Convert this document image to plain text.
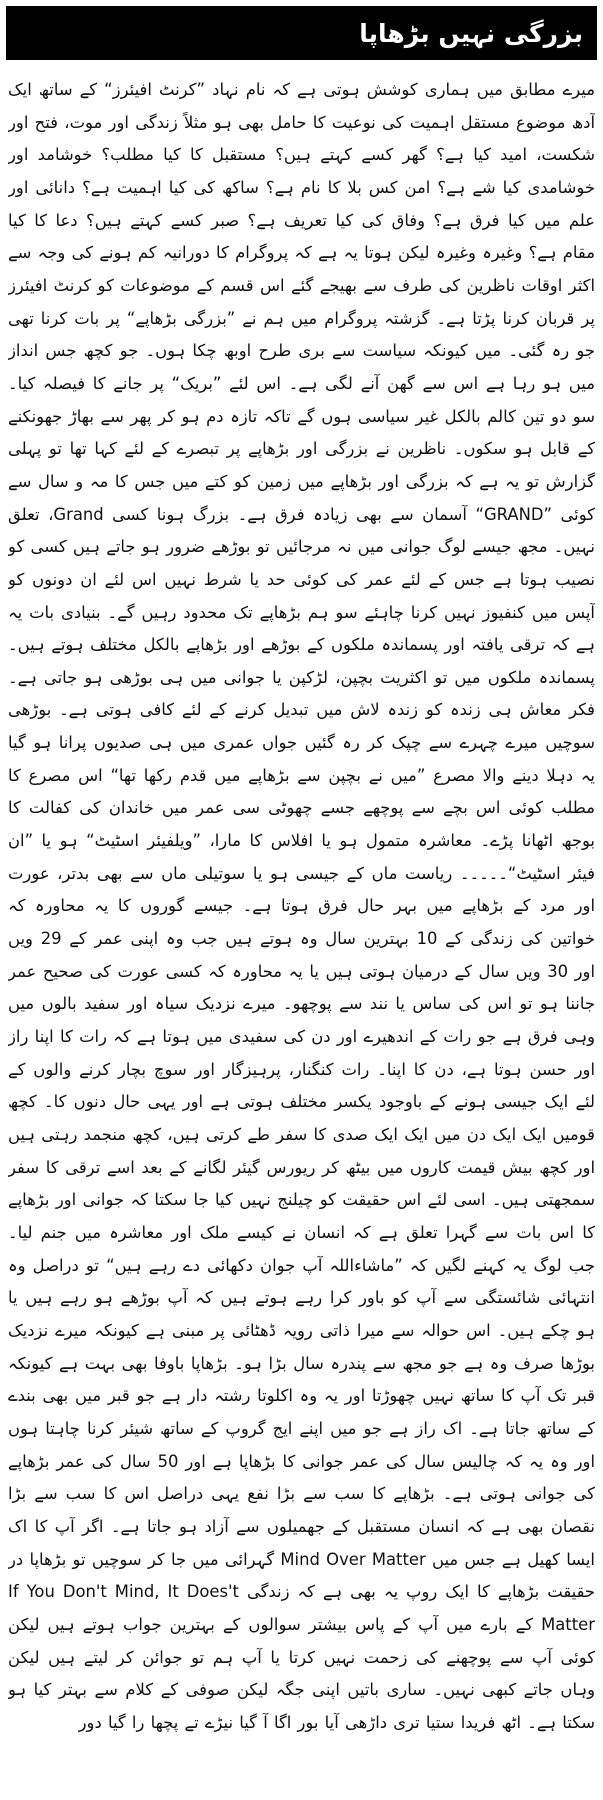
بزرگی نہیں بڑھاپا

میرے مطابق میں ہماری کوشش ہوتی ہے کہ نام نہاد ”کرنٹ افیئرز“ کے ساتھ ایک آدھ موضوع مستقل اہمیت کی نوعیت کا حامل بھی ہو مثلاً زندگی اور موت، فتح اور شکست، امید کیا ہے؟ گھر کسے کہتے ہیں؟ مستقبل کا کیا مطلب؟ خوشامد اور خوشامدی کیا شے ہے؟ امن کس بلا کا نام ہے؟ ساکھ کی کیا اہمیت ہے؟ دانائی اور علم میں کیا فرق ہے؟ وفاق کی کیا تعریف ہے؟ صبر کسے کہتے ہیں؟ دعا کا کیا مقام ہے؟ وغیرہ وغیرہ لیکن ہوتا یہ ہے کہ پروگرام کا دورانیہ کم ہونے کی وجہ سے اکثر اوقات ناظرین کی طرف سے بھیجے گئے اس قسم کے موضوعات کو کرنٹ افیئرز پر قربان کرنا پڑتا ہے۔ گزشتہ پروگرام میں ہم نے ”بزرگی بڑھاپے“ پر بات کرنا تھی جو رہ گئی۔ میں کیونکہ سیاست سے بری طرح اوبھ چکا ہوں۔ جو کچھ جس انداز میں ہو رہا ہے اس سے گھن آنے لگی ہے۔ اس لئے ”بریک“ پر جانے کا فیصلہ کیا۔ سو دو تین کالم بالکل غیر سیاسی ہوں گے تاکہ تازہ دم ہو کر پھر سے بھاڑ جھونکنے کے قابل ہو سکوں۔ ناظرین نے بزرگی اور بڑھاپے پر تبصرے کے لئے کہا تھا تو پہلی گزارش تو یہ ہے کہ بزرگی اور بڑھاپے میں زمین کو کتے میں جس کا مہ و سال سے کوئی ”GRAND“ آسمان سے بھی زیادہ فرق ہے۔ بزرگ ہونا کسی Grand، تعلق نہیں۔ مجھ جیسے لوگ جوانی میں نہ مرجائیں تو بوڑھے ضرور ہو جاتے ہیں کسی کو نصیب ہوتا ہے جس کے لئے عمر کی کوئی حد یا شرط نہیں اس لئے ان دونوں کو آپس میں کنفیوز نہیں کرنا چاہئے سو ہم بڑھاپے تک محدود رہیں گے۔ بنیادی بات یہ ہے کہ ترقی یافتہ اور پسماندہ ملکوں کے بوڑھے اور بڑھاپے بالکل مختلف ہوتے ہیں۔ پسماندہ ملکوں میں تو اکثریت بچپن، لڑکپن یا جوانی میں ہی بوڑھی ہو جاتی ہے۔ فکر معاش ہی زندہ کو زندہ لاش میں تبدیل کرنے کے لئے کافی ہوتی ہے۔ بوڑھی سوچیں میرے چہرے سے چپک کر رہ گئیں جواں عمری میں ہی صدیوں پرانا ہو گیا یہ دہلا دینے والا مصرع ”میں نے بچپن سے بڑھاپے میں قدم رکھا تھا“ اس مصرع کا مطلب کوئی اس بچے سے پوچھے جسے چھوٹی سی عمر میں خاندان کی کفالت کا بوجھ اٹھانا پڑے۔ معاشرہ متمول ہو یا افلاس کا مارا، ”ویلفیئر اسٹیٹ“ ہو یا ”ان فیئر اسٹیٹ“۔۔۔۔۔ ریاست ماں کے جیسی ہو یا سوتیلی ماں سے بھی بدتر، عورت اور مرد کے بڑھاپے میں بہر حال فرق ہوتا ہے۔ جیسے گوروں کا یہ محاورہ کہ خواتین کی زندگی کے 10 بہترین سال وہ ہوتے ہیں جب وہ اپنی عمر کے 29 ویں اور 30 ویں سال کے درمیان ہوتی ہیں یا یہ محاورہ کہ کسی عورت کی صحیح عمر جاننا ہو تو اس کی ساس یا نند سے پوچھو۔ میرے نزدیک سیاہ اور سفید بالوں میں وہی فرق ہے جو رات کے اندھیرے اور دن کی سفیدی میں ہوتا ہے کہ رات کا اپنا راز اور حسن ہوتا ہے، دن کا اپنا۔ رات کنگنار، پرہیزگار اور سوچ بچار کرنے والوں کے لئے ایک جیسی ہونے کے باوجود یکسر مختلف ہوتی ہے اور یہی حال دنوں کا۔ کچھ قومیں ایک ایک دن میں ایک ایک صدی کا سفر طے کرتی ہیں، کچھ منجمد رہتی ہیں اور کچھ بیش قیمت کاروں میں بیٹھ کر ریورس گیئر لگانے کے بعد اسے ترقی کا سفر سمجھتی ہیں۔ اسی لئے اس حقیقت کو چیلنج نہیں کیا جا سکتا کہ جوانی اور بڑھاپے کا اس بات سے گہرا تعلق ہے کہ انسان نے کیسے ملک اور معاشرہ میں جنم لیا۔ جب لوگ یہ کہنے لگیں کہ ”ماشاءاللہ آپ جوان دکھائی دے رہے ہیں“ تو دراصل وہ انتہائی شائستگی سے آپ کو باور کرا رہے ہوتے ہیں کہ آپ بوڑھے ہو رہے ہیں یا ہو چکے ہیں۔ اس حوالہ سے میرا ذاتی رویہ ڈھٹائی پر مبنی ہے کیونکہ میرے نزدیک بوڑھا صرف وہ ہے جو مجھ سے پندرہ سال بڑا ہو۔ بڑھاپا باوفا بھی بہت ہے کیونکہ قبر تک آپ کا ساتھ نہیں چھوڑتا اور یہ وہ اکلوتا رشتہ دار ہے جو قبر میں بھی بندے کے ساتھ جاتا ہے۔ اک راز ہے جو میں اپنے ایج گروپ کے ساتھ شیئر کرنا چاہتا ہوں اور وہ یہ کہ چالیس سال کی عمر جوانی کا بڑھاپا ہے اور 50 سال کی عمر بڑھاپے کی جوانی ہوتی ہے۔ بڑھاپے کا سب سے بڑا نفع یہی دراصل اس کا سب سے بڑا نقصان بھی ہے کہ انسان مستقبل کے جھمیلوں سے آزاد ہو جاتا ہے۔ اگر آپ کا اک ایسا کھیل ہے جس میں Mind Over Matter گہرائی میں جا کر سوچیں تو بڑھاپا در حقیقت بڑھاپے کا ایک روپ یہ بھی ہے کہ زندگی If You Don't Mind, It Does't Matter کے بارے میں آپ کے پاس بیشتر سوالوں کے بہترین جواب ہوتے ہیں لیکن کوئی آپ سے پوچھنے کی زحمت نہیں کرتا یا آپ ہم تو جوائن کر لیتے ہیں لیکن وہاں جاتے کبھی نہیں۔ ساری باتیں اپنی جگہ لیکن صوفی کے کلام سے بہتر کیا ہو سکتا ہے۔ اٹھ فریدا ستیا تری داڑھی آیا بور اگا آ گیا نیڑے تے پچھا را گیا دور
